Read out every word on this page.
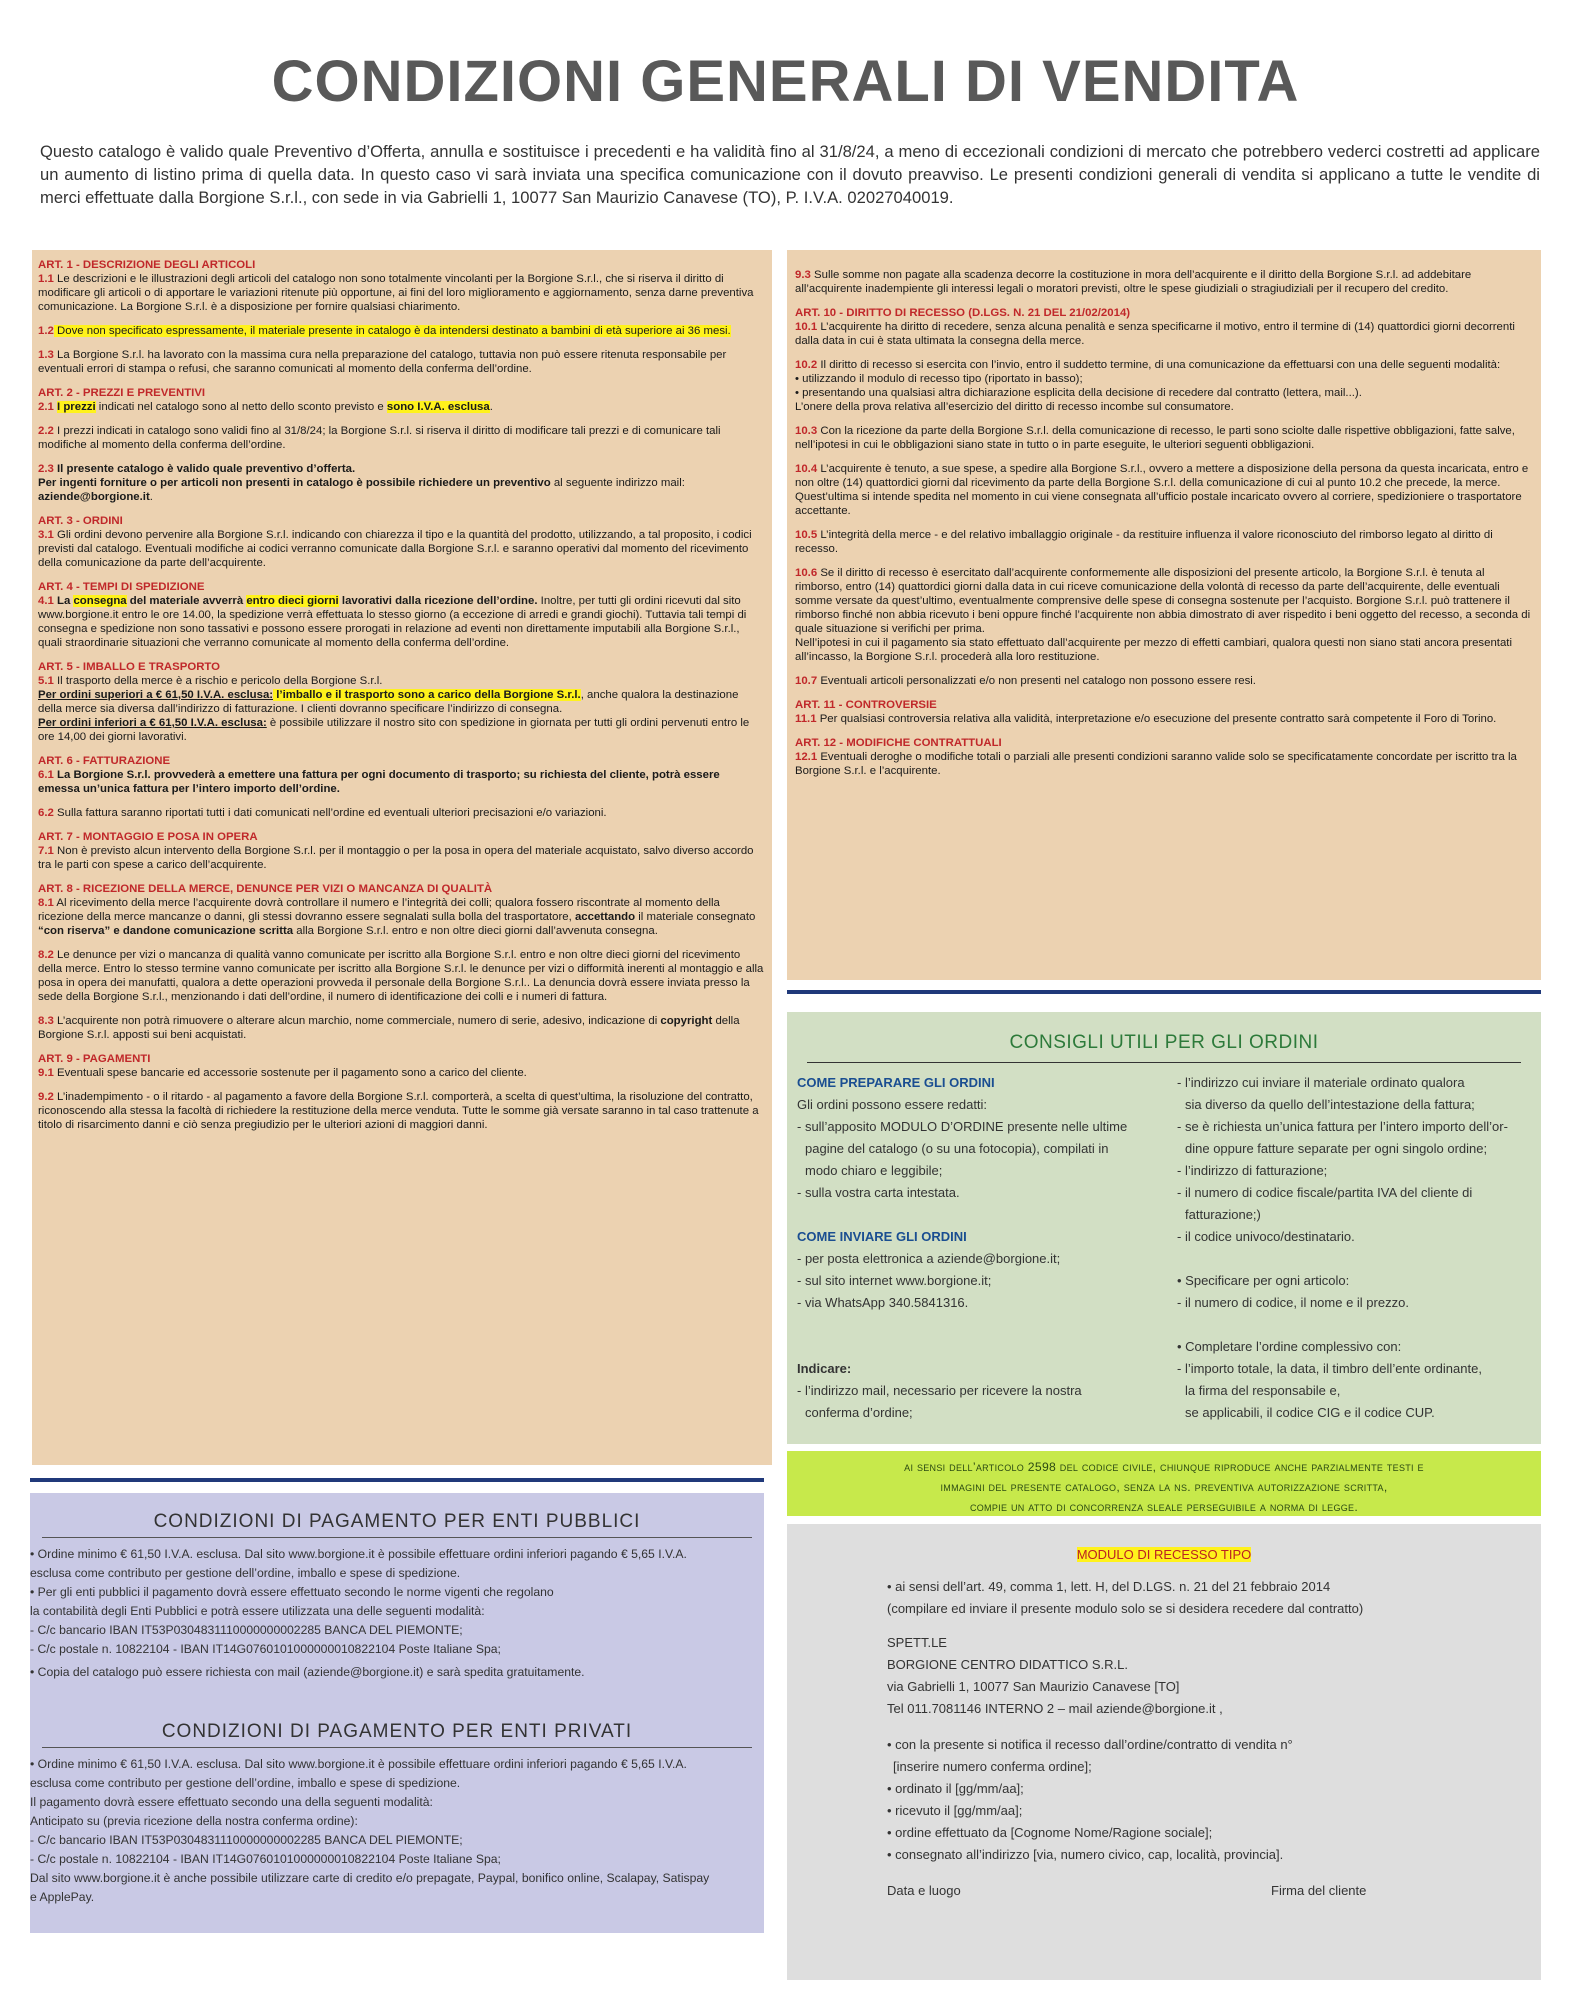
CONDIZIONI GENERALI DI VENDITA
Questo catalogo è valido quale Preventivo d’Offerta, annulla e sostituisce i precedenti e ha validità fino al 31/8/24, a meno di eccezionali condizioni di mercato che potrebbero vederci costretti ad applicare un aumento di listino prima di quella data. In questo caso vi sarà inviata una specifica comunicazione con il dovuto preavviso. Le presenti condizioni generali di vendita si applicano a tutte le vendite di merci effettuate dalla Borgione S.r.l., con sede in via Gabrielli 1, 10077 San Maurizio Canavese (TO), P. I.V.A. 02027040019.
ART. 1 - DESCRIZIONE DEGLI ARTICOLI

1.1 Le descrizioni e le illustrazioni degli articoli del catalogo non sono totalmente vincolanti per la Borgione S.r.l., che si riserva il diritto di modificare gli articoli o di apportare le variazioni ritenute più opportune, ai fini del loro miglioramento e aggiornamento, senza darne preventiva comunicazione. La Borgione S.r.l. è a disposizione per fornire qualsiasi chiarimento.

1.2 Dove non specificato espressamente, il materiale presente in catalogo è da intendersi destinato a bambini di età superiore ai 36 mesi.

1.3 La Borgione S.r.l. ha lavorato con la massima cura nella preparazione del catalogo, tuttavia non può essere ritenuta responsabile per eventuali errori di stampa o refusi, che saranno comunicati al momento della conferma dell’ordine.

ART. 2 - PREZZI E PREVENTIVI

2.1 I prezzi indicati nel catalogo sono al netto dello sconto previsto e sono I.V.A. esclusa.

2.2 I prezzi indicati in catalogo sono validi fino al 31/8/24; la Borgione S.r.l. si riserva il diritto di modificare tali prezzi e di comunicare tali modifiche al momento della conferma dell’ordine.

2.3 Il presente catalogo è valido quale preventivo d’offerta.
Per ingenti forniture o per articoli non presenti in catalogo è possibile richiedere un preventivo al seguente indirizzo mail: aziende@borgione.it.

ART. 3 - ORDINI

3.1 Gli ordini devono pervenire alla Borgione S.r.l. indicando con chiarezza il tipo e la quantità del prodotto, utilizzando, a tal proposito, i codici previsti dal catalogo. Eventuali modifiche ai codici verranno comunicate dalla Borgione S.r.l. e saranno operativi dal momento del ricevimento della comunicazione da parte dell’acquirente.

ART. 4 - TEMPI DI SPEDIZIONE

4.1 La consegna del materiale avverrà entro dieci giorni lavorativi dalla ricezione dell’ordine. Inoltre, per tutti gli ordini ricevuti dal sito www.borgione.it entro le ore 14.00, la spedizione verrà effettuata lo stesso giorno (a eccezione di arredi e grandi giochi). Tuttavia tali tempi di consegna e spedizione non sono tassativi e possono essere prorogati in relazione ad eventi non direttamente imputabili alla Borgione S.r.l., quali straordinarie situazioni che verranno comunicate al momento della conferma dell’ordine.

ART. 5 - IMBALLO E TRASPORTO

5.1 Il trasporto della merce è a rischio e pericolo della Borgione S.r.l.
Per ordini superiori a € 61,50 I.V.A. esclusa: l’imballo e il trasporto sono a carico della Borgione S.r.l., anche qualora la destinazione della merce sia diversa dall’indirizzo di fatturazione. I clienti dovranno specificare l’indirizzo di consegna.
Per ordini inferiori a € 61,50 I.V.A. esclusa: è possibile utilizzare il nostro sito con spedizione in giornata per tutti gli ordini pervenuti entro le ore 14,00 dei giorni lavorativi.

ART. 6 - FATTURAZIONE

6.1 La Borgione S.r.l. provvederà a emettere una fattura per ogni documento di trasporto; su richiesta del cliente, potrà essere emessa un’unica fattura per l’intero importo dell’ordine.

6.2 Sulla fattura saranno riportati tutti i dati comunicati nell’ordine ed eventuali ulteriori precisazioni e/o variazioni.

ART. 7 - MONTAGGIO E POSA IN OPERA

7.1 Non è previsto alcun intervento della Borgione S.r.l. per il montaggio o per la posa in opera del materiale acquistato, salvo diverso accordo tra le parti con spese a carico dell’acquirente.

ART. 8 - RICEZIONE DELLA MERCE, DENUNCE PER VIZI O MANCANZA DI QUALITÀ

8.1 Al ricevimento della merce l’acquirente dovrà controllare il numero e l’integrità dei colli; qualora fossero riscontrate al momento della ricezione della merce mancanze o danni, gli stessi dovranno essere segnalati sulla bolla del trasportatore, accettando il materiale consegnato “con riserva” e dandone comunicazione scritta alla Borgione S.r.l. entro e non oltre dieci giorni dall’avvenuta consegna.

8.2 Le denunce per vizi o mancanza di qualità vanno comunicate per iscritto alla Borgione S.r.l. entro e non oltre dieci giorni del ricevimento della merce. Entro lo stesso termine vanno comunicate per iscritto alla Borgione S.r.l. le denunce per vizi o difformità inerenti al montaggio e alla posa in opera dei manufatti, qualora a dette operazioni provveda il personale della Borgione S.r.l.. La denuncia dovrà essere inviata presso la sede della Borgione S.r.l., menzionando i dati dell’ordine, il numero di identificazione dei colli e i numeri di fattura.

8.3 L’acquirente non potrà rimuovere o alterare alcun marchio, nome commerciale, numero di serie, adesivo, indicazione di copyright della Borgione S.r.l. apposti sui beni acquistati.

ART. 9 - PAGAMENTI

9.1 Eventuali spese bancarie ed accessorie sostenute per il pagamento sono a carico del cliente.

9.2 L’inadempimento - o il ritardo - al pagamento a favore della Borgione S.r.l. comporterà, a scelta di quest’ultima, la risoluzione del contratto, riconoscendo alla stessa la facoltà di richiedere la restituzione della merce venduta. Tutte le somme già versate saranno in tal caso trattenute a titolo di risarcimento danni e ciò senza pregiudizio per le ulteriori azioni di maggiori danni.

9.3 Sulle somme non pagate alla scadenza decorre la costituzione in mora dell’acquirente e il diritto della Borgione S.r.l. ad addebitare all’acquirente inadempiente gli interessi legali o moratori previsti, oltre le spese giudiziali o stragiudiziali per il recupero del credito.

ART. 10 - DIRITTO DI RECESSO (D.LGS. N. 21 DEL 21/02/2014)

10.1 L’acquirente ha diritto di recedere, senza alcuna penalità e senza specificarne il motivo, entro il termine di (14) quattordici giorni decorrenti dalla data in cui è stata ultimata la consegna della merce.

10.2 Il diritto di recesso si esercita con l’invio, entro il suddetto termine, di una comunicazione da effettuarsi con una delle seguenti modalità:
• utilizzando il modulo di recesso tipo (riportato in basso);
• presentando una qualsiasi altra dichiarazione esplicita della decisione di recedere dal contratto (lettera, mail...).
L’onere della prova relativa all’esercizio del diritto di recesso incombe sul consumatore.

10.3 Con la ricezione da parte della Borgione S.r.l. della comunicazione di recesso, le parti sono sciolte dalle rispettive obbligazioni, fatte salve, nell’ipotesi in cui le obbligazioni siano state in tutto o in parte eseguite, le ulteriori seguenti obbligazioni.

10.4 L’acquirente è tenuto, a sue spese, a spedire alla Borgione S.r.l., ovvero a mettere a disposizione della persona da questa incaricata, entro e non oltre (14) quattordici giorni dal ricevimento da parte della Borgione S.r.l. della comunicazione di cui al punto 10.2 che precede, la merce. Quest’ultima si intende spedita nel momento in cui viene consegnata all’ufficio postale incaricato ovvero al corriere, spedizioniere o trasportatore accettante.

10.5 L’integrità della merce - e del relativo imballaggio originale - da restituire influenza il valore riconosciuto del rimborso legato al diritto di recesso.

10.6 Se il diritto di recesso è esercitato dall’acquirente conformemente alle disposizioni del presente articolo, la Borgione S.r.l. è tenuta al rimborso, entro (14) quattordici giorni dalla data in cui riceve comunicazione della volontà di recesso da parte dell’acquirente, delle eventuali somme versate da quest’ultimo, eventualmente comprensive delle spese di consegna sostenute per l’acquisto. Borgione S.r.l. può trattenere il rimborso finché non abbia ricevuto i beni oppure finché l’acquirente non abbia dimostrato di aver rispedito i beni oggetto del recesso, a seconda di quale situazione si verifichi per prima.
Nell’ipotesi in cui il pagamento sia stato effettuato dall’acquirente per mezzo di effetti cambiari, qualora questi non siano stati ancora presentati all’incasso, la Borgione S.r.l. procederà alla loro restituzione.

10.7 Eventuali articoli personalizzati e/o non presenti nel catalogo non possono essere resi.

ART. 11 - CONTROVERSIE

11.1 Per qualsiasi controversia relativa alla validità, interpretazione e/o esecuzione del presente contratto sarà competente il Foro di Torino.

ART. 12 - MODIFICHE CONTRATTUALI

12.1 Eventuali deroghe o modifiche totali o parziali alle presenti condizioni saranno valide solo se specificatamente concordate per iscritto tra la Borgione S.r.l. e l’acquirente.

CONSIGLI UTILI PER GLI ORDINI
COME PREPARARE GLI ORDINI
Gli ordini possono essere redatti:
- sull’apposito MODULO D’ORDINE presente nelle ultime
pagine del catalogo (o su una fotocopia), compilati in
modo chiaro e leggibile;
- sulla vostra carta intestata.
COME INVIARE GLI ORDINI
- per posta elettronica a aziende@borgione.it;
- sul sito internet www.borgione.it;
- via WhatsApp 340.5841316.
Indicare:
- l’indirizzo mail, necessario per ricevere la nostra
conferma d’ordine;
- l’indirizzo cui inviare il materiale ordinato qualora
sia diverso da quello dell’intestazione della fattura;
- se è richiesta un’unica fattura per l’intero importo dell’or-
dine oppure fatture separate per ogni singolo ordine;
- l’indirizzo di fatturazione;
- il numero di codice fiscale/partita IVA del cliente di
fatturazione;)
- il codice univoco/destinatario.
• Specificare per ogni articolo:
- il numero di codice, il nome e il prezzo.
• Completare l’ordine complessivo con:
- l’importo totale, la data, il timbro dell’ente ordinante,
la firma del responsabile e,
se applicabili, il codice CIG e il codice CUP.
ai sensi dell’articolo 2598 del codice civile, chiunque riproduce anche parzialmente testi e
immagini del presente catalogo, senza la ns. preventiva autorizzazione scritta,
compie un atto di concorrenza sleale perseguibile a norma di legge.
MODULO DI RECESSO TIPO
• ai sensi dell’art. 49, comma 1, lett. H, del D.LGS. n. 21 del 21 febbraio 2014
(compilare ed inviare il presente modulo solo se si desidera recedere dal contratto)
SPETT.LE
BORGIONE CENTRO DIDATTICO S.R.L.
via Gabrielli 1, 10077 San Maurizio Canavese [TO]
Tel 011.7081146 INTERNO 2 – mail aziende@borgione.it ,
• con la presente si notifica il recesso dall’ordine/contratto di vendita n°
[inserire numero conferma ordine];
• ordinato il [gg/mm/aa];
• ricevuto il [gg/mm/aa];
• ordine effettuato da [Cognome Nome/Ragione sociale];
• consegnato all’indirizzo [via, numero civico, cap, località, provincia].
Data e luogo	Firma del cliente
CONDIZIONI DI PAGAMENTO PER ENTI PUBBLICI
• Ordine minimo € 61,50 I.V.A. esclusa. Dal sito www.borgione.it è possibile effettuare ordini inferiori pagando € 5,65 I.V.A.
esclusa come contributo per gestione dell’ordine, imballo e spese di spedizione.
• Per gli enti pubblici il pagamento dovrà essere effettuato secondo le norme vigenti che regolano
la contabilità degli Enti Pubblici e potrà essere utilizzata una delle seguenti modalità:
- C/c bancario IBAN IT53P0304831110000000002285 BANCA DEL PIEMONTE;
- C/c postale n. 10822104 - IBAN IT14G0760101000000010822104 Poste Italiane Spa;
• Copia del catalogo può essere richiesta con mail (aziende@borgione.it) e sarà spedita gratuitamente.
CONDIZIONI DI PAGAMENTO PER ENTI PRIVATI
• Ordine minimo € 61,50 I.V.A. esclusa. Dal sito www.borgione.it è possibile effettuare ordini inferiori pagando € 5,65 I.V.A.
esclusa come contributo per gestione dell’ordine, imballo e spese di spedizione.
Il pagamento dovrà essere effettuato secondo una della seguenti modalità:
Anticipato su (previa ricezione della nostra conferma ordine):
- C/c bancario IBAN IT53P0304831110000000002285 BANCA DEL PIEMONTE;
- C/c postale n. 10822104 - IBAN IT14G0760101000000010822104 Poste Italiane Spa;
Dal sito www.borgione.it è anche possibile utilizzare carte di credito e/o prepagate, Paypal, bonifico online, Scalapay, Satispay
e ApplePay.
